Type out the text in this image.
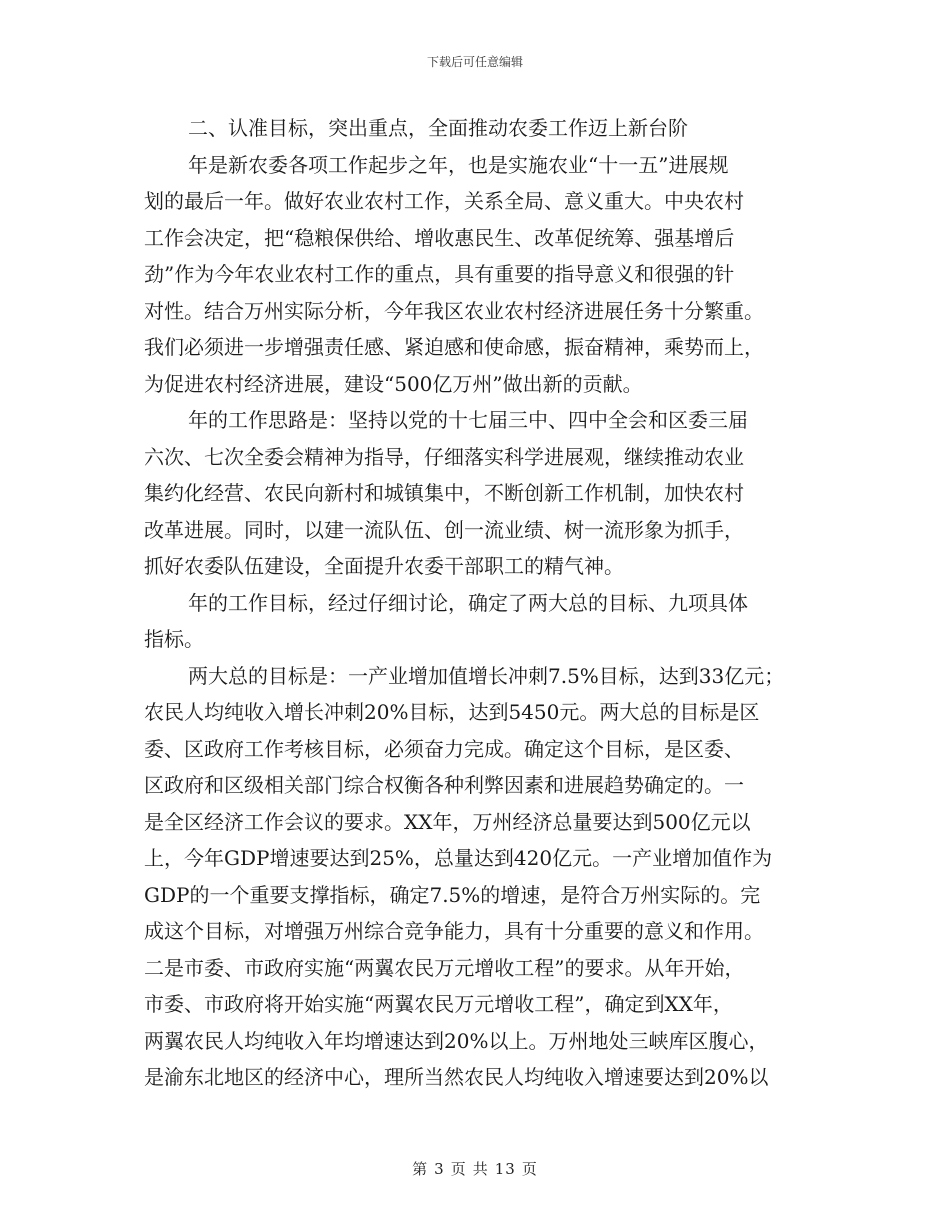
下载后可任意编辑
二、认准目标，突出重点，全面推动农委工作迈上新台阶
年是新农委各项工作起步之年，也是实施农业“十一五”进展规
划的最后一年。做好农业农村工作，关系全局、意义重大。中央农村
工作会决定，把“稳粮保供给、增收惠民生、改革促统筹、强基增后
劲”作为今年农业农村工作的重点，具有重要的指导意义和很强的针
对性。结合万州实际分析，今年我区农业农村经济进展任务十分繁重。
我们必须进一步增强责任感、紧迫感和使命感，振奋精神，乘势而上，
为促进农村经济进展，建设“500亿万州”做出新的贡献。
年的工作思路是：坚持以党的十七届三中、四中全会和区委三届
六次、七次全委会精神为指导，仔细落实科学进展观，继续推动农业
集约化经营、农民向新村和城镇集中，不断创新工作机制，加快农村
改革进展。同时，以建一流队伍、创一流业绩、树一流形象为抓手，
抓好农委队伍建设，全面提升农委干部职工的精气神。
年的工作目标，经过仔细讨论，确定了两大总的目标、九项具体
指标。
两大总的目标是：一产业增加值增长冲刺7.5%目标，达到33亿元；
农民人均纯收入增长冲刺20%目标，达到5450元。两大总的目标是区
委、区政府工作考核目标，必须奋力完成。确定这个目标，是区委、
区政府和区级相关部门综合权衡各种利弊因素和进展趋势确定的。一
是全区经济工作会议的要求。XX年，万州经济总量要达到500亿元以
上，今年GDP增速要达到25%，总量达到420亿元。一产业增加值作为
GDP的一个重要支撑指标，确定7.5%的增速，是符合万州实际的。完
成这个目标，对增强万州综合竞争能力，具有十分重要的意义和作用。
二是市委、市政府实施“两翼农民万元增收工程”的要求。从年开始，
市委、市政府将开始实施“两翼农民万元增收工程”，确定到XX年，
两翼农民人均纯收入年均增速达到20%以上。万州地处三峡库区腹心，
是渝东北地区的经济中心，理所当然农民人均纯收入增速要达到20%以
第 3 页 共 13 页
